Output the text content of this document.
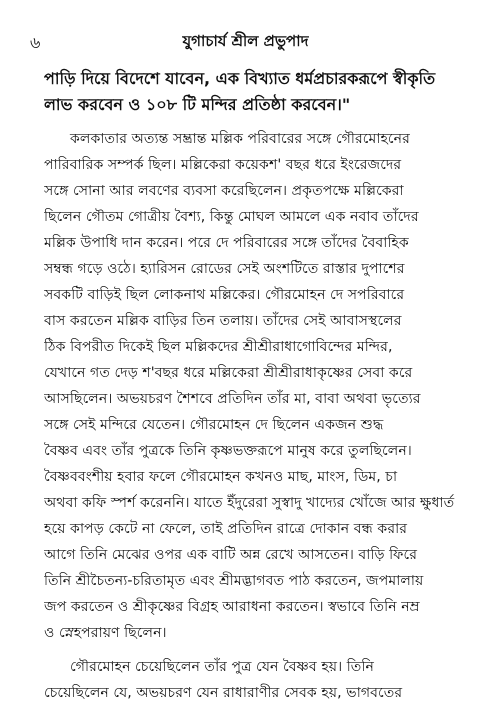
৬	যুগাচার্য শ্রীল প্রভুপাদ

পাড়ি দিয়ে বিদেশে যাবেন, এক বিখ্যাত ধর্মপ্রচারকরূপে স্বীকৃতি
লাভ করবেন ও ১০৮ টি মন্দির প্রতিষ্ঠা করবেন।"

কলকাতার অত্যন্ত সম্ভ্রান্ত মল্লিক পরিবারের সঙ্গে গৌরমোহনের
পারিবারিক সম্পর্ক ছিল। মল্লিকেরা কয়েকশ' বছর ধরে ইংরেজদের
সঙ্গে সোনা আর লবণের ব্যবসা করেছিলেন। প্রকৃতপক্ষে মল্লিকেরা
ছিলেন গৌতম গোত্রীয় বৈশ্য, কিন্তু মোঘল আমলে এক নবাব তাঁদের
মল্লিক উপাধি দান করেন। পরে দে পরিবারের সঙ্গে তাঁদের বৈবাহিক
সম্বন্ধ গড়ে ওঠে। হ্যারিসন রোডের সেই অংশটিতে রাস্তার দুপাশের
সবকটি বাড়িই ছিল লোকনাথ মল্লিকের। গৌরমোহন দে সপরিবারে
বাস করতেন মল্লিক বাড়ির তিন তলায়। তাঁদের সেই আবাসস্থলের
ঠিক বিপরীত দিকেই ছিল মল্লিকদের শ্রীশ্রীরাধাগোবিন্দের মন্দির,
যেখানে গত দেড় শ'বছর ধরে মল্লিকেরা শ্রীশ্রীরাধাকৃষ্ণের সেবা করে
আসছিলেন। অভয়চরণ শৈশবে প্রতিদিন তাঁর মা, বাবা অথবা ভৃত্যের
সঙ্গে সেই মন্দিরে যেতেন। গৌরমোহন দে ছিলেন একজন শুদ্ধ
বৈষ্ণব এবং তাঁর পুত্রকে তিনি কৃষ্ণভক্তরূপে মানুষ করে তুলছিলেন।
বৈষ্ণববংশীয় হবার ফলে গৌরমোহন কখনও মাছ, মাংস, ডিম, চা
অথবা কফি স্পর্শ করেননি। যাতে ইঁদুরেরা সুস্বাদু খাদ্যের খোঁজে আর ক্ষুধার্ত
হয়ে কাপড় কেটে না ফেলে, তাই প্রতিদিন রাত্রে দোকান বন্ধ করার
আগে তিনি মেঝের ওপর এক বাটি অন্ন রেখে আসতেন। বাড়ি ফিরে
তিনি শ্রীচৈতন্য-চরিতামৃত এবং শ্রীমদ্ভাগবত পাঠ করতেন, জপমালায়
জপ করতেন ও শ্রীকৃষ্ণের বিগ্রহ আরাধনা করতেন। স্বভাবে তিনি নম্র
ও স্নেহপরায়ণ ছিলেন।

গৌরমোহন চেয়েছিলেন তাঁর পুত্র যেন বৈষ্ণব হয়। তিনি
চেয়েছিলেন যে, অভয়চরণ যেন রাধারাণীর সেবক হয়, ভাগবতের
